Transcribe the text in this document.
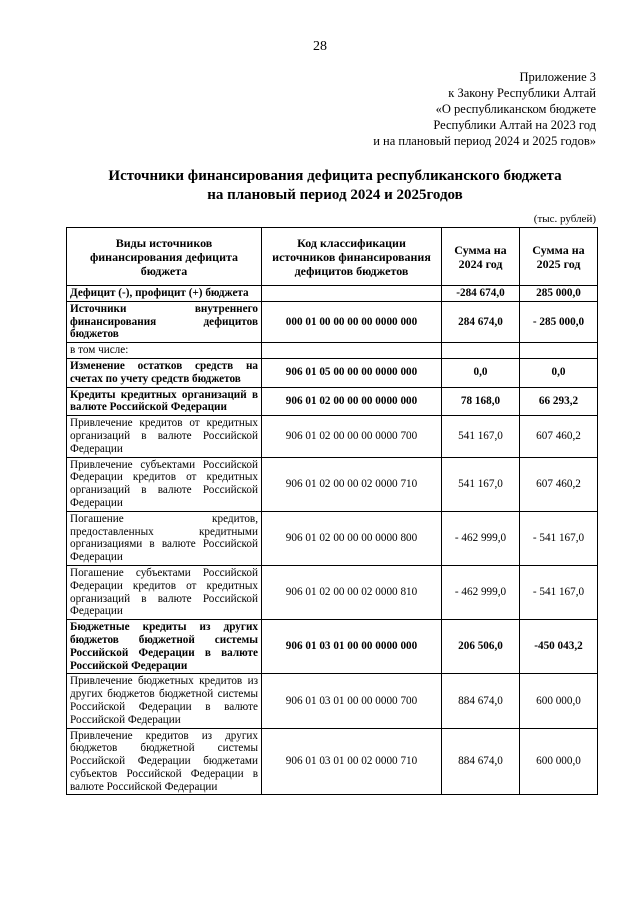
28
Приложение 3
к Закону Республики Алтай
«О республиканском бюджете
Республики Алтай на 2023 год
и на плановый период 2024 и 2025 годов»
Источники финансирования дефицита республиканского бюджета
на плановый период 2024 и 2025годов
(тыс. рублей)
Виды источников финансирования дефицита бюджета	Код классификации источников финансирования дефицитов бюджетов	Сумма на 2024 год	Сумма на 2025 год
Дефицит (-), профицит (+) бюджета		-284 674,0	285 000,0
Источники внутреннего финансирования дефицитов бюджетов	000 01 00 00 00 00 0000 000	284 674,0	- 285 000,0
в том числе:			
Изменение остатков средств на счетах по учету средств бюджетов	906 01 05 00 00 00 0000 000	0,0	0,0
Кредиты кредитных организаций в валюте Российской Федерации	906 01 02 00 00 00 0000 000	78 168,0	66 293,2
Привлечение кредитов от кредитных организаций в валюте Российской Федерации	906 01 02 00 00 00 0000 700	541 167,0	607 460,2
Привлечение субъектами Российской Федерации кредитов от кредитных организаций в валюте Российской Федерации	906 01 02 00 00 02 0000 710	541 167,0	607 460,2
Погашение кредитов, предоставленных кредитными организациями в валюте Российской Федерации	906 01 02 00 00 00 0000 800	- 462 999,0	- 541 167,0
Погашение субъектами Российской Федерации кредитов от кредитных организаций в валюте Российской Федерации	906 01 02 00 00 02 0000 810	- 462 999,0	- 541 167,0
Бюджетные кредиты из других бюджетов бюджетной системы Российской Федерации в валюте Российской Федерации	906 01 03 01 00 00 0000 000	206 506,0	-450 043,2
Привлечение бюджетных кредитов из других бюджетов бюджетной системы Российской Федерации в валюте Российской Федерации	906 01 03 01 00 00 0000 700	884 674,0	600 000,0
Привлечение кредитов из других бюджетов бюджетной системы Российской Федерации бюджетами субъектов Российской Федерации в валюте Российской Федерации	906 01 03 01 00 02 0000 710	884 674,0	600 000,0
